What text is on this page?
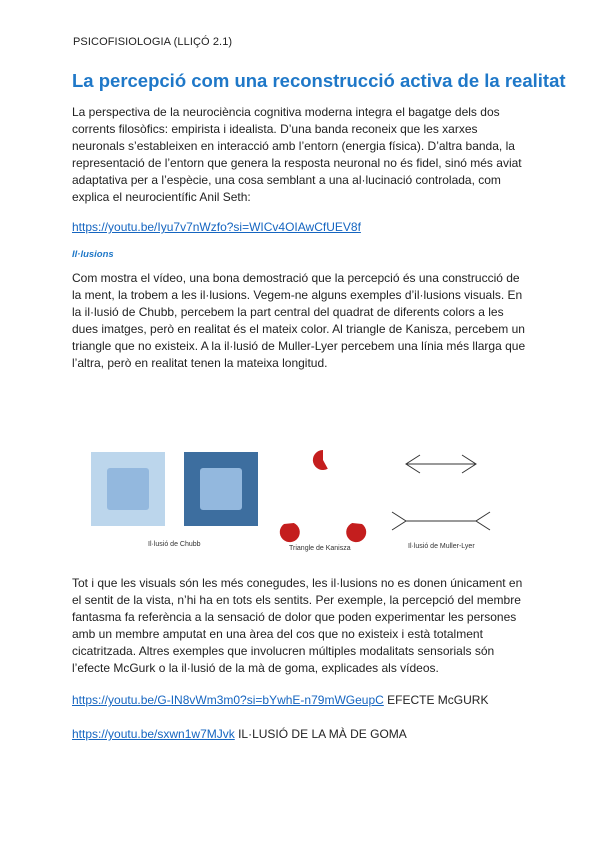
PSICOFISIOLOGIA (LLIÇÓ 2.1)
La percepció com una reconstrucció activa de la realitat

La perspectiva de la neurociència cognitiva moderna integra el bagatge dels dos corrents filosòfics: empirista i idealista. D’una banda reconeix que les xarxes neuronals s’estableixen en interacció amb l’entorn (energia física). D’altra banda, la representació de l’entorn que genera la resposta neuronal no és fidel, sinó més aviat adaptativa per a l’espècie, una cosa semblant a una al·lucinació controlada, com explica el neurocientífic Anil Seth:

https://youtu.be/Iyu7v7nWzfo?si=WICv4OIAwCfUEV8f
Il·lusions

Com mostra el vídeo, una bona demostració que la percepció és una construcció de la ment, la trobem a les il·lusions. Vegem-ne alguns exemples d’il·lusions visuals. En la il·lusió de Chubb, percebem la part central del quadrat de diferents colors a les dues imatges, però en realitat és el mateix color. Al triangle de Kanisza, percebem un triangle que no existeix. A la il·lusió de Muller-Lyer percebem una línia més llarga que l’altra, però en realitat tenen la mateixa longitud.

Il·lusió de Chubb
Triangle de Kanisza	Il·lusió de Muller-Lyer

Tot i que les visuals són les més conegudes, les il·lusions no es donen únicament en el sentit de la vista, n’hi ha en tots els sentits. Per exemple, la percepció del membre fantasma fa referència a la sensació de dolor que poden experimentar les persones amb un membre amputat en una àrea del cos que no existeix i està totalment cicatritzada. Altres exemples que involucren múltiples modalitats sensorials són l’efecte McGurk o la il·lusió de la mà de goma, explicades als vídeos.

https://youtu.be/G-IN8vWm3m0?si=bYwhE-n79mWGeupC EFECTE McGURK
https://youtu.be/sxwn1w7MJvk IL·LUSIÓ DE LA MÀ DE GOMA
